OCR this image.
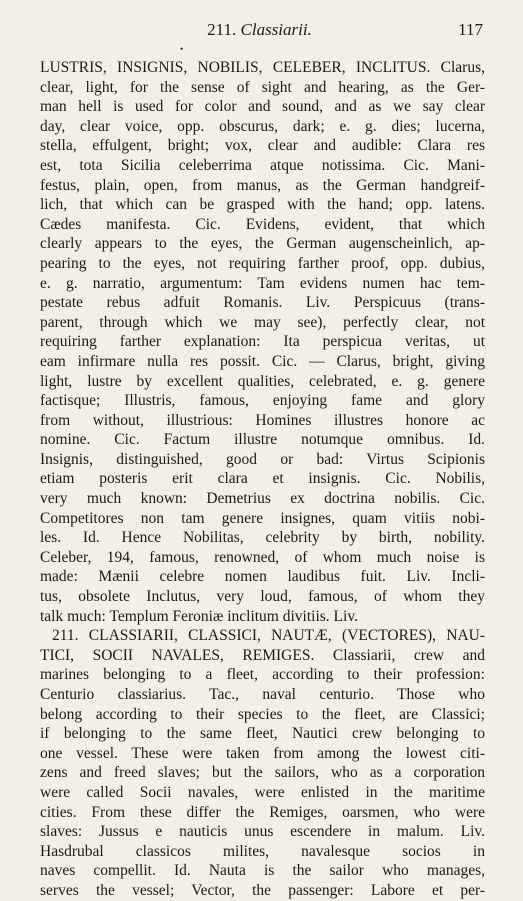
211. Classiarii.	117
•
LUSTRIS, INSIGNIS, NOBILIS, CELEBER, INCLITUS. Clarus,
clear, light, for the sense of sight and hearing, as the Ger-
man hell is used for color and sound, and as we say clear
day, clear voice, opp. obscurus, dark; e. g. dies; lucerna,
stella, effulgent, bright; vox, clear and audible: Clara res
est, tota Sicilia celeberrima atque notissima. Cic. Mani-
festus, plain, open, from manus, as the German handgreif-
lich, that which can be grasped with the hand; opp. latens.
Cædes manifesta. Cic. Evidens, evident, that which
clearly appears to the eyes, the German augenscheinlich, ap-
pearing to the eyes, not requiring farther proof, opp. dubius,
e. g. narratio, argumentum: Tam evidens numen hac tem-
pestate rebus adfuit Romanis. Liv. Perspicuus (trans-
parent, through which we may see), perfectly clear, not
requiring farther explanation: Ita perspicua veritas, ut
eam infirmare nulla res possit. Cic. — Clarus, bright, giving
light, lustre by excellent qualities, celebrated, e. g. genere
factisque; Illustris, famous, enjoying fame and glory
from without, illustrious: Homines illustres honore ac
nomine. Cic. Factum illustre notumque omnibus. Id.
Insignis, distinguished, good or bad: Virtus Scipionis
etiam posteris erit clara et insignis. Cic. Nobilis,
very much known: Demetrius ex doctrina nobilis. Cic.
Competitores non tam genere insignes, quam vitiis nobi-
les. Id. Hence Nobilitas, celebrity by birth, nobility.
Celeber, 194, famous, renowned, of whom much noise is
made: Mænii celebre nomen laudibus fuit. Liv. Incli-
tus, obsolete Inclutus, very loud, famous, of whom they
talk much: Templum Feroniæ inclitum divitiis. Liv.
211. CLASSIARII, CLASSICI, NAUTÆ, (VECTORES), NAU-
TICI, SOCII NAVALES, REMIGES. Classiarii, crew and
marines belonging to a fleet, according to their profession:
Centurio classiarius. Tac., naval centurio. Those who
belong according to their species to the fleet, are Classici;
if belonging to the same fleet, Nautici crew belonging to
one vessel. These were taken from among the lowest citi-
zens and freed slaves; but the sailors, who as a corporation
were called Socii navales, were enlisted in the maritime
cities. From these differ the Remiges, oarsmen, who were
slaves: Jussus e nauticis unus escendere in malum. Liv.
Hasdrubal classicos milites, navalesque socios in
naves compellit. Id. Nauta is the sailor who manages,
serves the vessel; Vector, the passenger: Labore et per-
